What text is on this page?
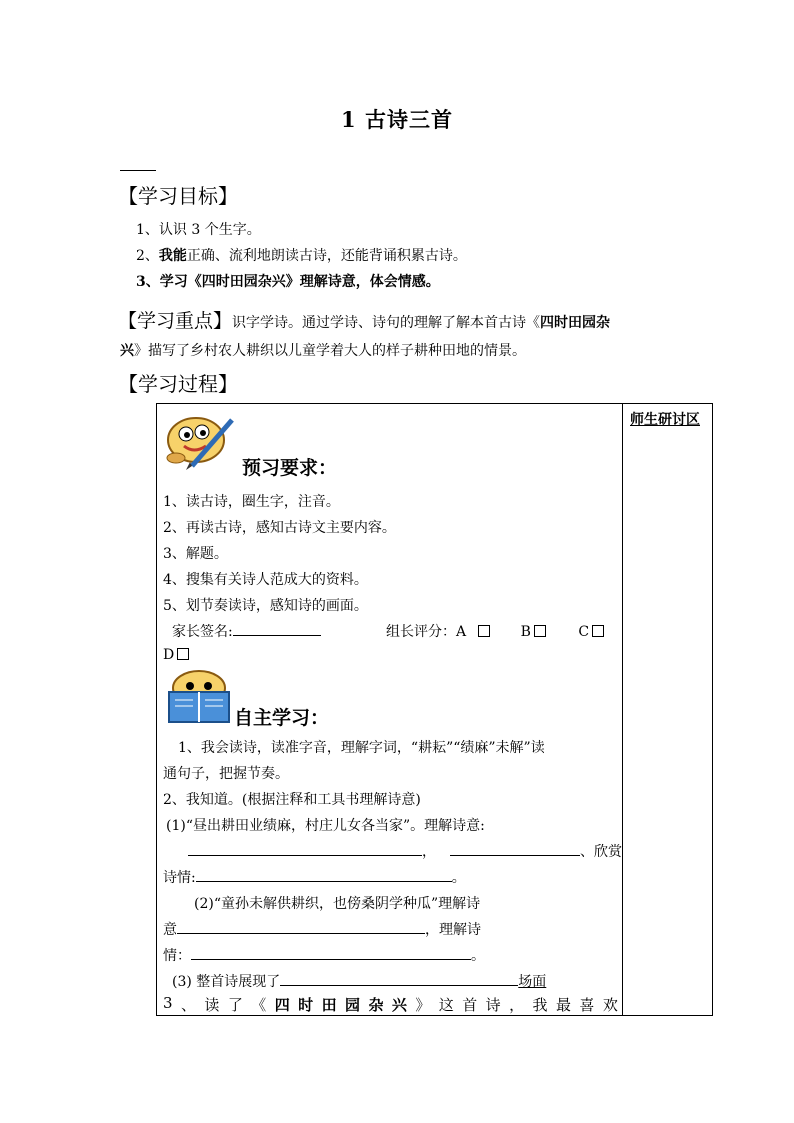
1 古诗三首
【学习目标】
1、认识 3 个生字。
2、我能正确、流利地朗读古诗，还能背诵积累古诗。
3、学习《四时田园杂兴》理解诗意，体会情感。
【学习重点】识字学诗。通过学诗、诗句的理解了解本首古诗《四时田园杂
兴》描写了乡村农人耕织以儿童学着大人的样子耕种田地的情景。
【学习过程】
师生研讨区
预习要求：
1、读古诗，圈生字，注音。
2、再读古诗，感知古诗文主要内容。
3、解题。
4、搜集有关诗人范成大的资料。
5、划节奏读诗，感知诗的画面。
家长签名:	组长评分：A	B	C
D
自主学习：
1、我会读诗，读准字音，理解字词，“耕耘”“绩麻”未解”读
通句子，把握节奏。
2、我知道。(根据注释和工具书理解诗意)
(1)“昼出耕田业绩麻，村庄儿女各当家”。理解诗意:
，	、欣赏
诗情:	。
(2)“童孙未解供耕织，也傍桑阴学种瓜”理解诗
意	，理解诗
情：	。
(3) 整首诗展现了	场面
3 、 读 了 《 四 时 田 园 杂 兴 》 这 首 诗 ， 我 最 喜 欢
